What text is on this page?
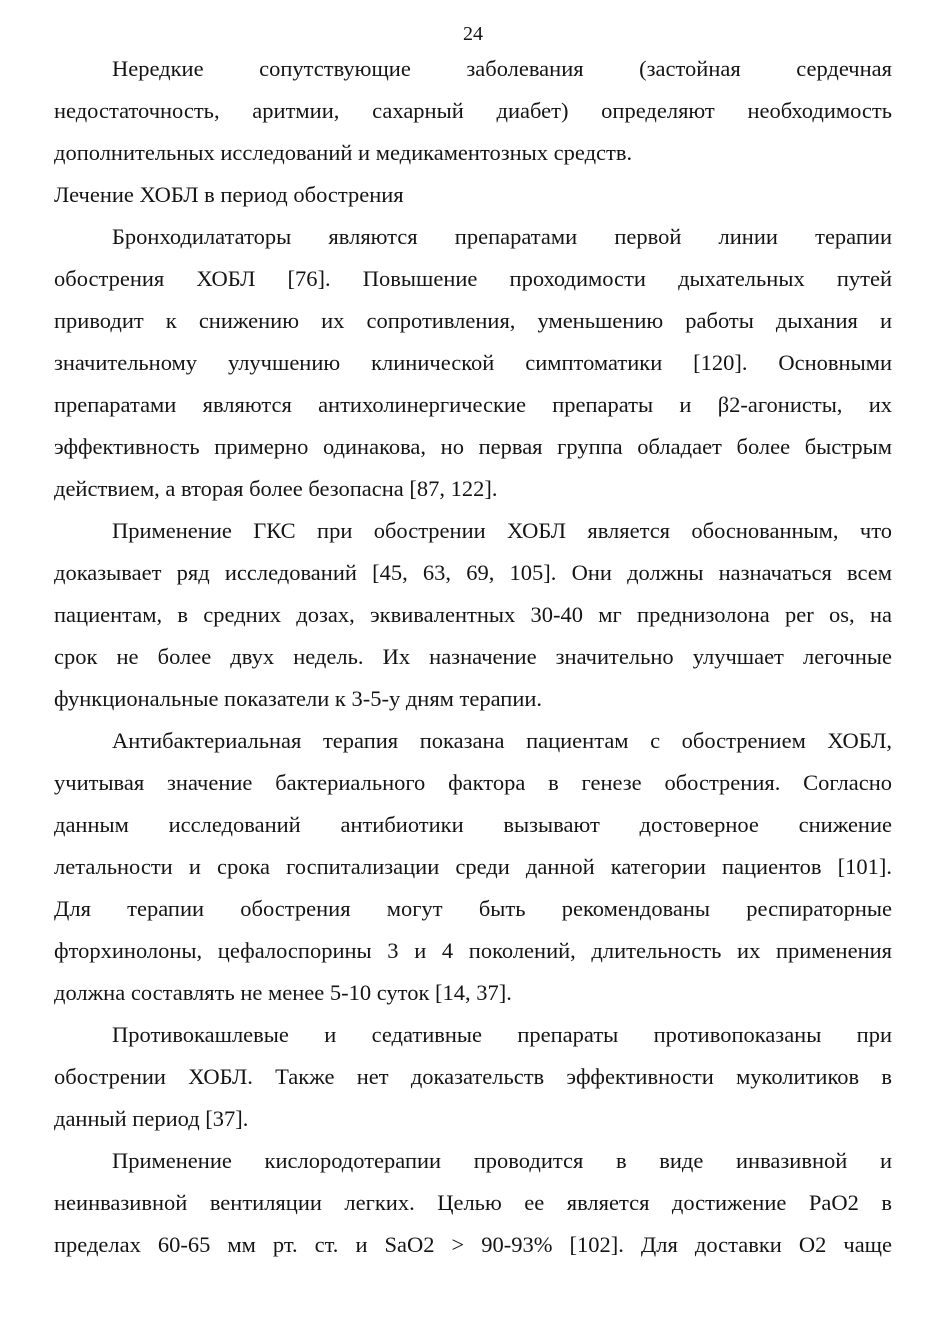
24

Нередкие сопутствующие заболевания (застойная сердечная
недостаточность, аритмии, сахарный диабет) определяют необходимость
дополнительных исследований и медикаментозных средств.

Лечение ХОБЛ в период обострения

Бронходилататоры являются препаратами первой линии терапии
обострения ХОБЛ [76]. Повышение проходимости дыхательных путей
приводит к снижению их сопротивления, уменьшению работы дыхания и
значительному улучшению клинической симптоматики [120]. Основными
препаратами являются антихолинергические препараты и β2-агонисты, их
эффективность примерно одинакова, но первая группа обладает более быстрым
действием, а вторая более безопасна [87, 122].

Применение ГКС при обострении ХОБЛ является обоснованным, что
доказывает ряд исследований [45, 63, 69, 105]. Они должны назначаться всем
пациентам, в средних дозах, эквивалентных 30-40 мг преднизолона per os, на
срок не более двух недель. Их назначение значительно улучшает легочные
функциональные показатели к 3-5-у дням терапии.

Антибактериальная терапия показана пациентам с обострением ХОБЛ,
учитывая значение бактериального фактора в генезе обострения. Согласно
данным исследований антибиотики вызывают достоверное снижение
летальности и срока госпитализации среди данной категории пациентов [101].
Для терапии обострения могут быть рекомендованы респираторные
фторхинолоны, цефалоспорины 3 и 4 поколений, длительность их применения
должна составлять не менее 5-10 суток [14, 37].

Противокашлевые и седативные препараты противопоказаны при
обострении ХОБЛ. Также нет доказательств эффективности муколитиков в
данный период [37].

Применение кислородотерапии проводится в виде инвазивной и
неинвазивной вентиляции легких. Целью ее является достижение PaO2 в
пределах 60-65 мм рт. ст. и SaO2 > 90-93% [102]. Для доставки O2 чаще
